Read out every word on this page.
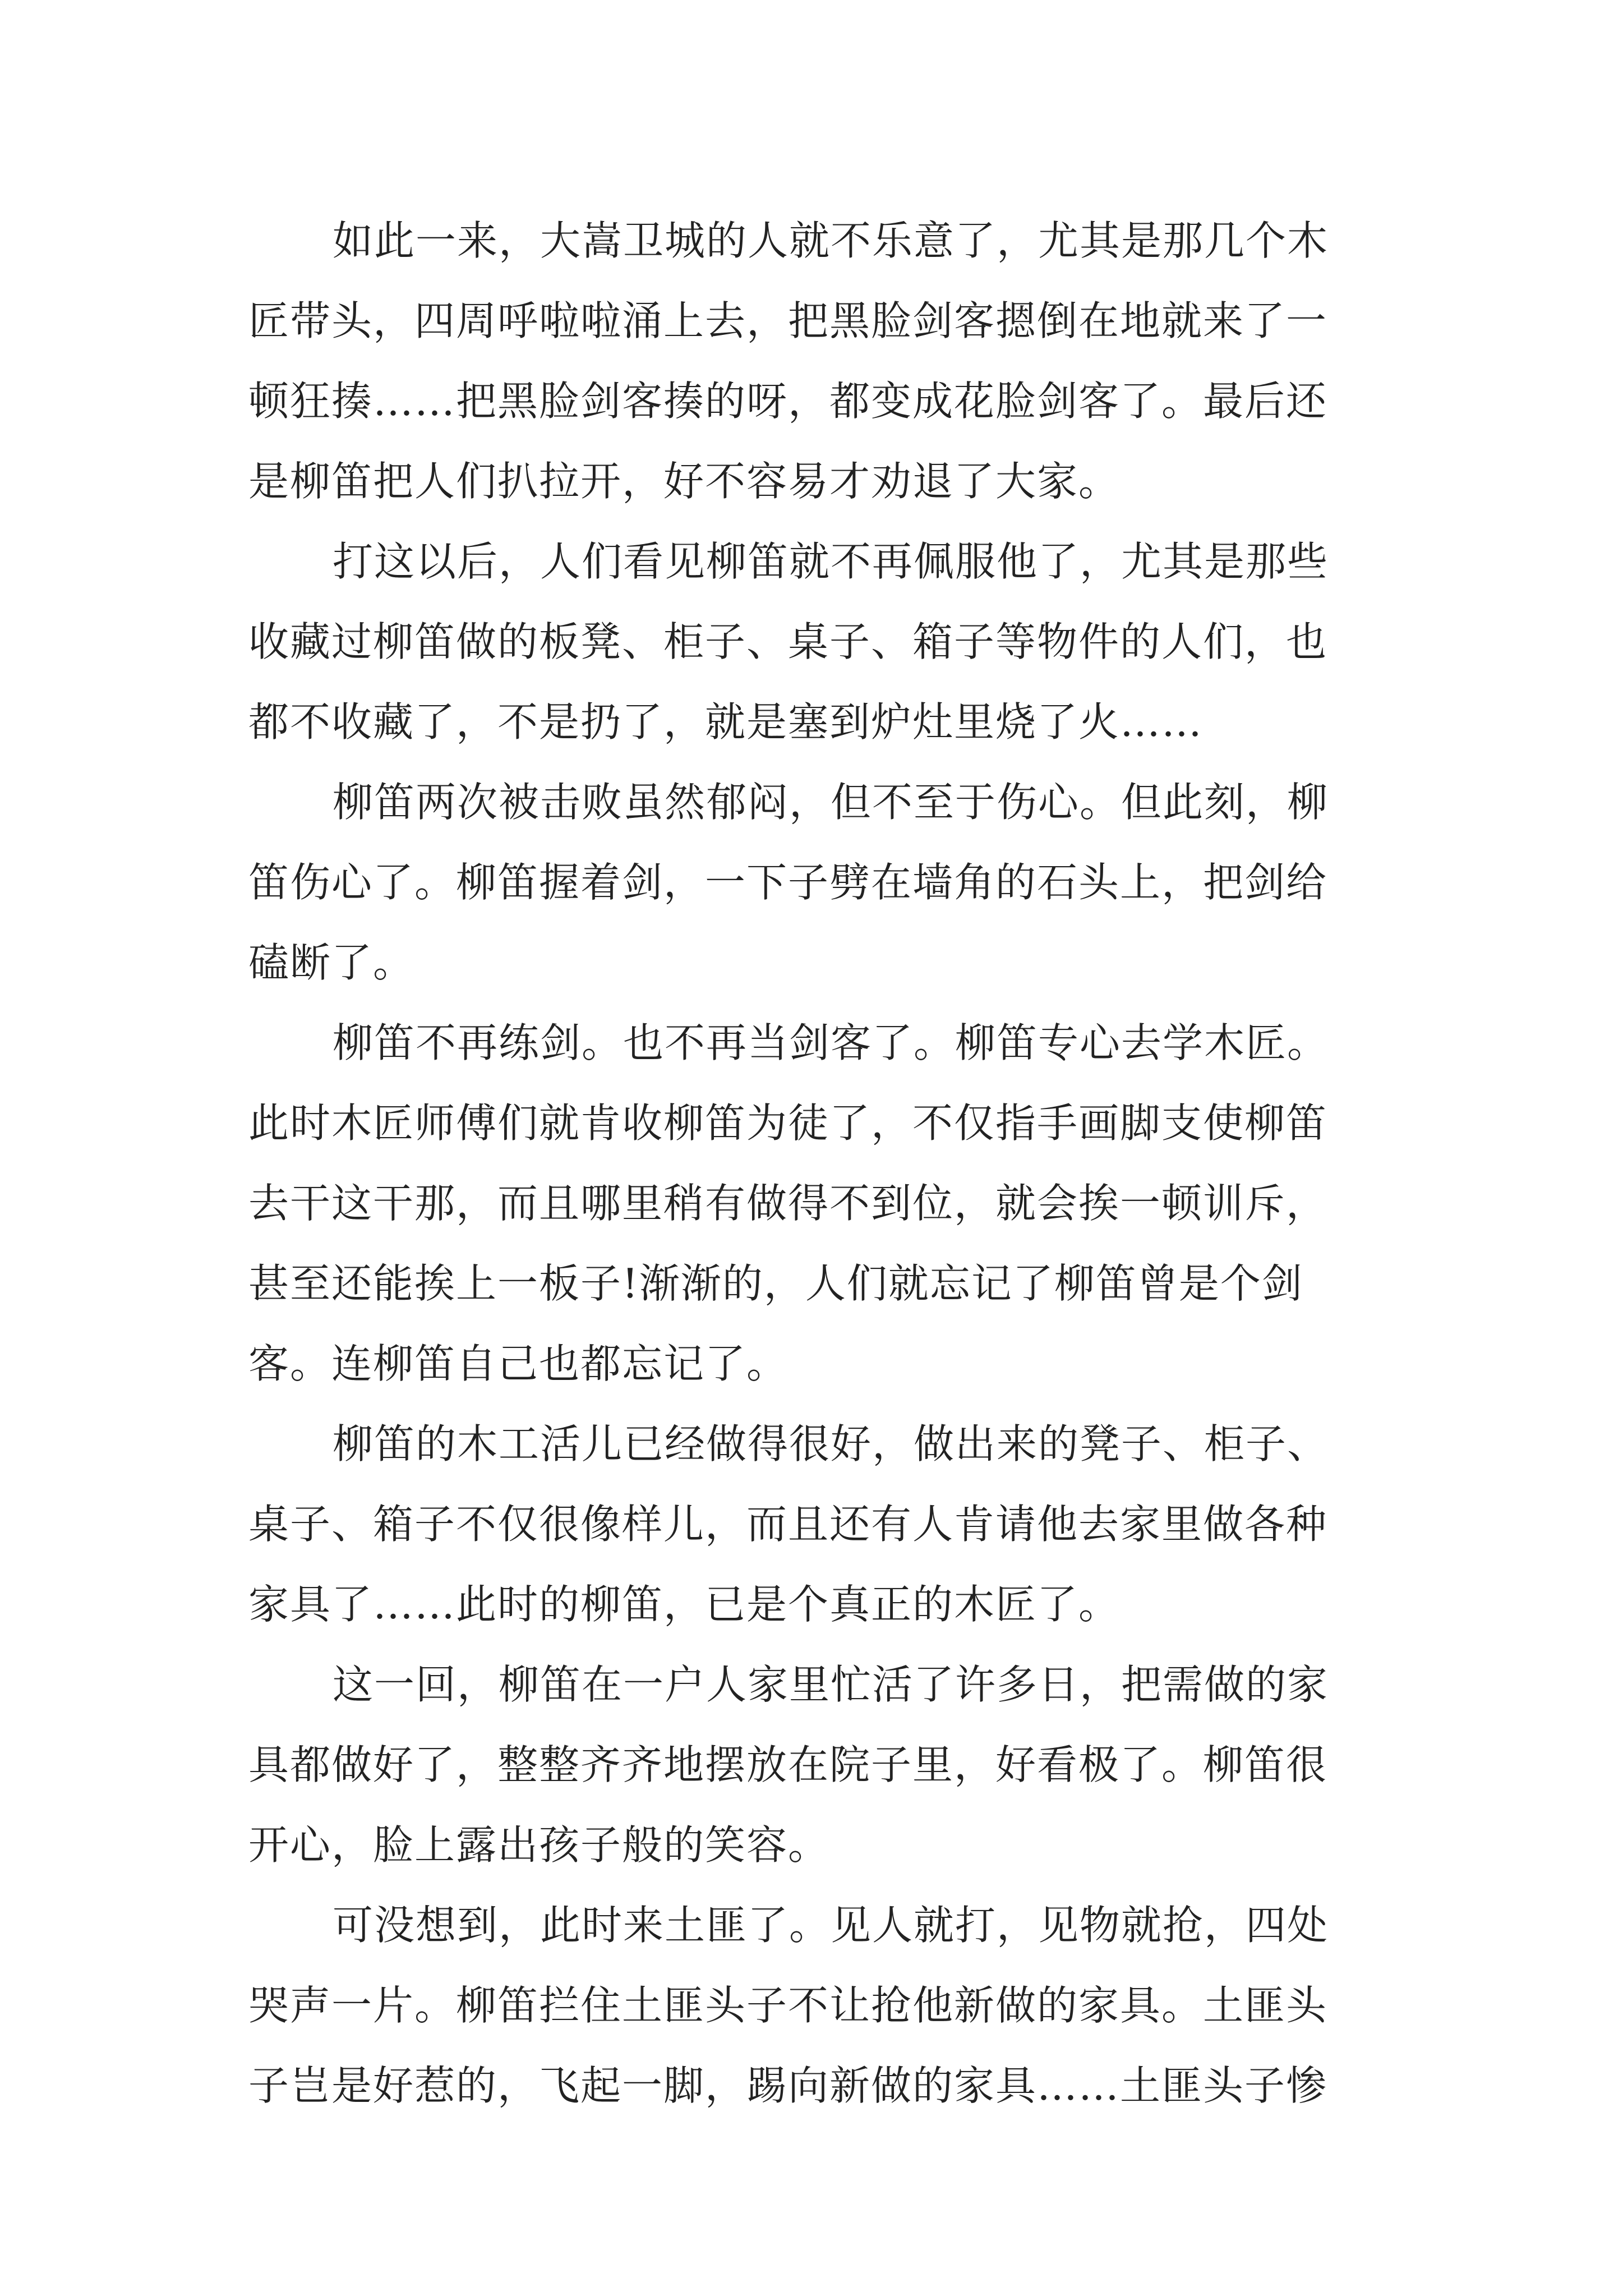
如此一来，大嵩卫城的人就不乐意了，尤其是那几个木
匠带头，四周呼啦啦涌上去，把黑脸剑客摁倒在地就来了一
顿狂揍……把黑脸剑客揍的呀，都变成花脸剑客了。最后还
是柳笛把人们扒拉开，好不容易才劝退了大家。
打这以后，人们看见柳笛就不再佩服他了，尤其是那些
收藏过柳笛做的板凳、柜子、桌子、箱子等物件的人们，也
都不收藏了，不是扔了，就是塞到炉灶里烧了火……
柳笛两次被击败虽然郁闷，但不至于伤心。但此刻，柳
笛伤心了。柳笛握着剑，一下子劈在墙角的石头上，把剑给
磕断了。
柳笛不再练剑。也不再当剑客了。柳笛专心去学木匠。
此时木匠师傅们就肯收柳笛为徒了，不仅指手画脚支使柳笛
去干这干那，而且哪里稍有做得不到位，就会挨一顿训斥，
甚至还能挨上一板子!渐渐的，人们就忘记了柳笛曾是个剑
客。连柳笛自己也都忘记了。
柳笛的木工活儿已经做得很好，做出来的凳子、柜子、
桌子、箱子不仅很像样儿，而且还有人肯请他去家里做各种
家具了……此时的柳笛，已是个真正的木匠了。
这一回，柳笛在一户人家里忙活了许多日，把需做的家
具都做好了，整整齐齐地摆放在院子里，好看极了。柳笛很
开心，脸上露出孩子般的笑容。
可没想到，此时来土匪了。见人就打，见物就抢，四处
哭声一片。柳笛拦住土匪头子不让抢他新做的家具。土匪头
子岂是好惹的，飞起一脚，踢向新做的家具……土匪头子惨
